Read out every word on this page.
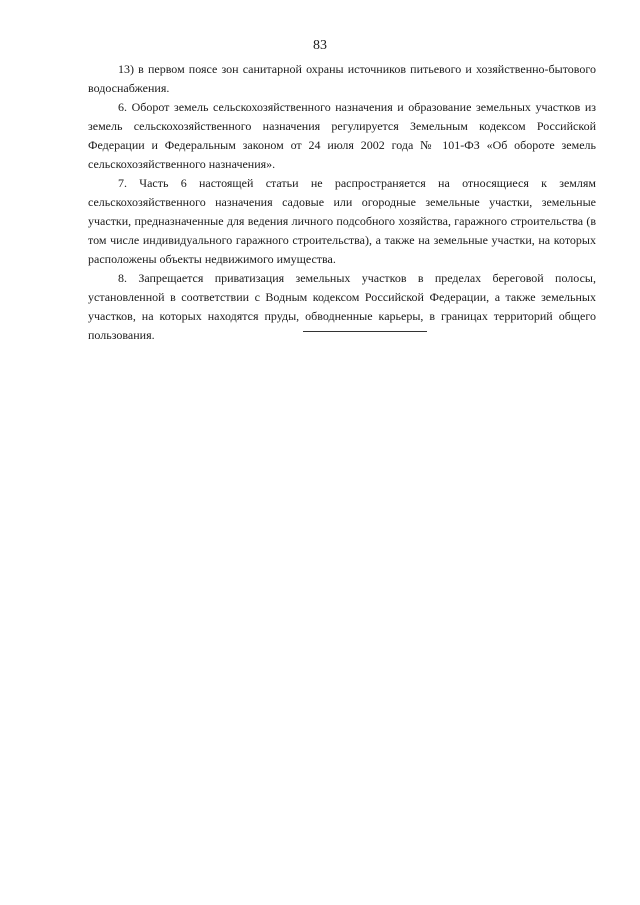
83

13) в первом поясе зон санитарной охраны источников питьевого и хозяйственно-бытового водоснабжения.

6. Оборот земель сельскохозяйственного назначения и образование земельных участков из земель сельскохозяйственного назначения регулируется Земельным кодексом Российской Федерации и Федеральным законом от 24 июля 2002 года № 101-ФЗ «Об обороте земель сельскохозяйственного назначения».

7. Часть 6 настоящей статьи не распространяется на относящиеся к землям сельскохозяйственного назначения садовые или огородные земельные участки, земельные участки, предназначенные для ведения личного подсобного хозяйства, гаражного строительства (в том числе индивидуального гаражного строительства), а также на земельные участки, на которых расположены объекты недвижимого имущества.

8. Запрещается приватизация земельных участков в пределах береговой полосы, установленной в соответствии с Водным кодексом Российской Федерации, а также земельных участков, на которых находятся пруды, обводненные карьеры, в границах территорий общего пользования.
